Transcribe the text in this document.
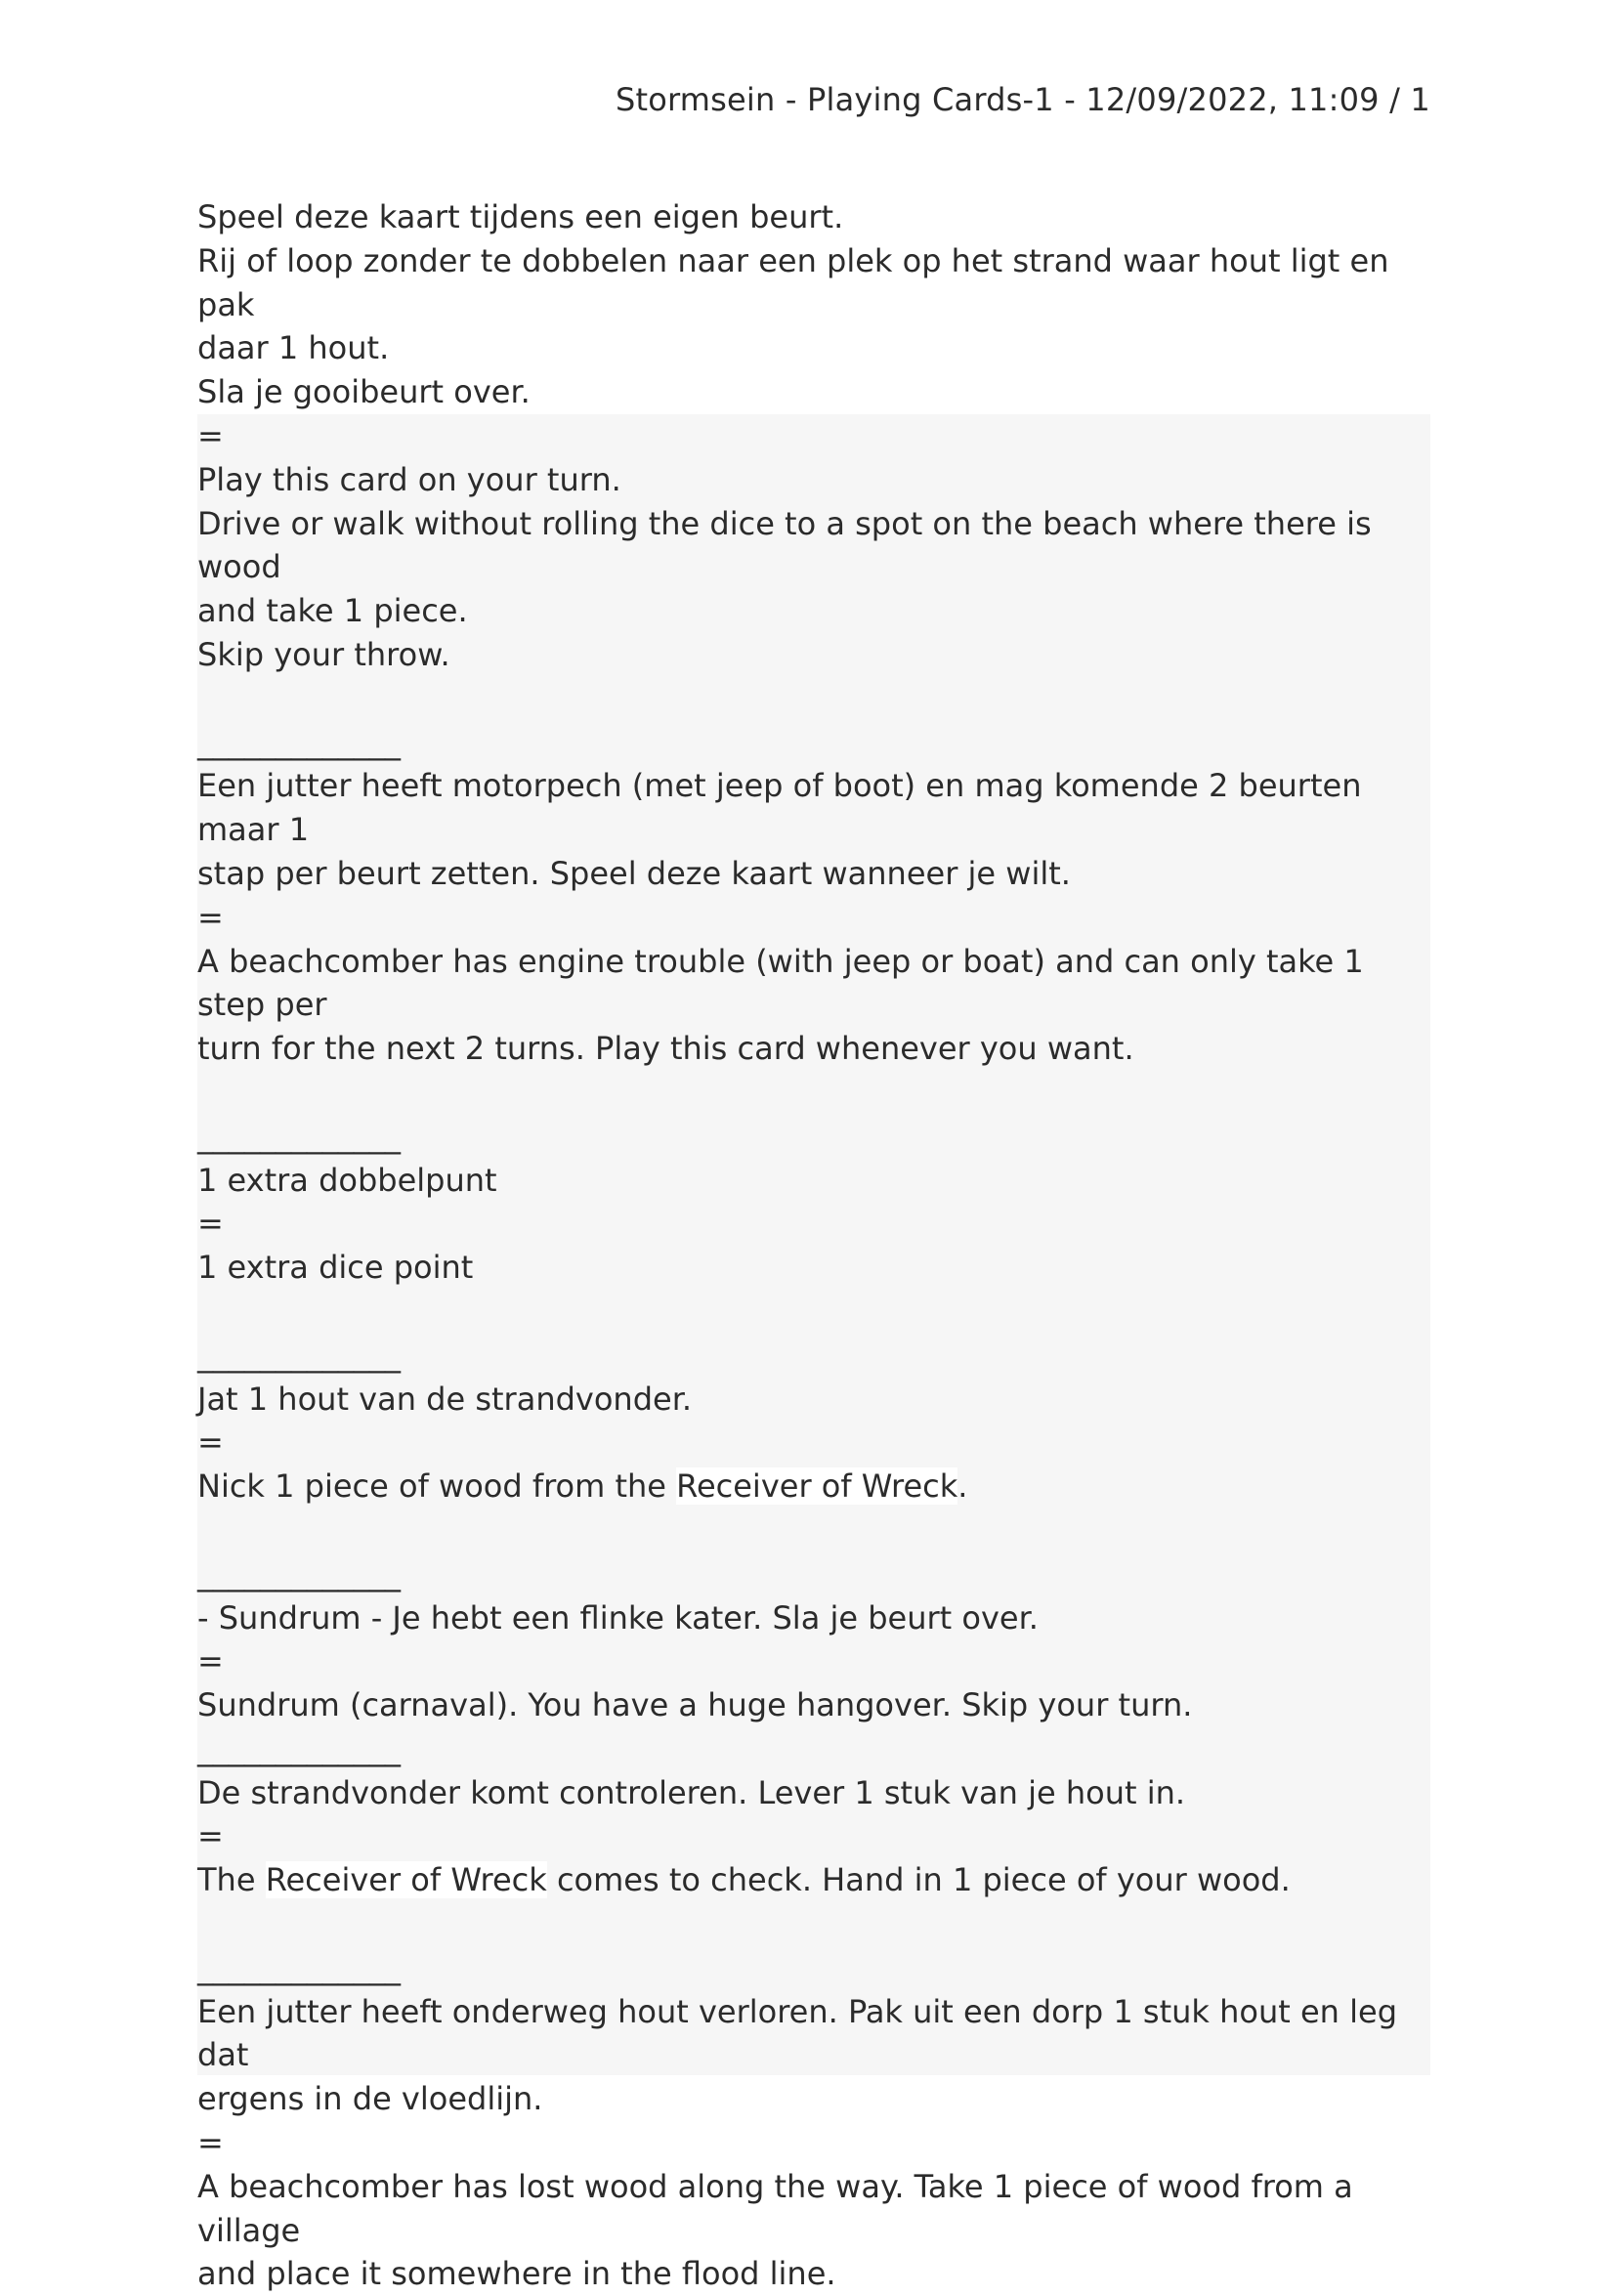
Stormsein - Playing Cards-1 - 12/09/2022, 11:09 / 1
Speel deze kaart tijdens een eigen beurt.
Rij of loop zonder te dobbelen naar een plek op het strand waar hout ligt en pak
daar 1 hout.
Sla je gooibeurt over.
=
Play this card on your turn.
Drive or walk without rolling the dice to a spot on the beach where there is wood
and take 1 piece.
Skip your throw.
_____________
Een jutter heeft motorpech (met jeep of boot) en mag komende 2 beurten maar 1
stap per beurt zetten. Speel deze kaart wanneer je wilt.
=
A beachcomber has engine trouble (with jeep or boat) and can only take 1 step per
turn for the next 2 turns. Play this card whenever you want.
_____________
1 extra dobbelpunt
=
1 extra dice point
_____________
Jat 1 hout van de strandvonder.
=
Nick 1 piece of wood from the Receiver of Wreck.
_____________
- Sundrum - Je hebt een flinke kater. Sla je beurt over.
=
Sundrum (carnaval). You have a huge hangover. Skip your turn.
_____________
De strandvonder komt controleren. Lever 1 stuk van je hout in.
=
The Receiver of Wreck comes to check. Hand in 1 piece of your wood.
_____________
Een jutter heeft onderweg hout verloren. Pak uit een dorp 1 stuk hout en leg dat
ergens in de vloedlijn.
=
A beachcomber has lost wood along the way. Take 1 piece of wood from a village
and place it somewhere in the flood line.
